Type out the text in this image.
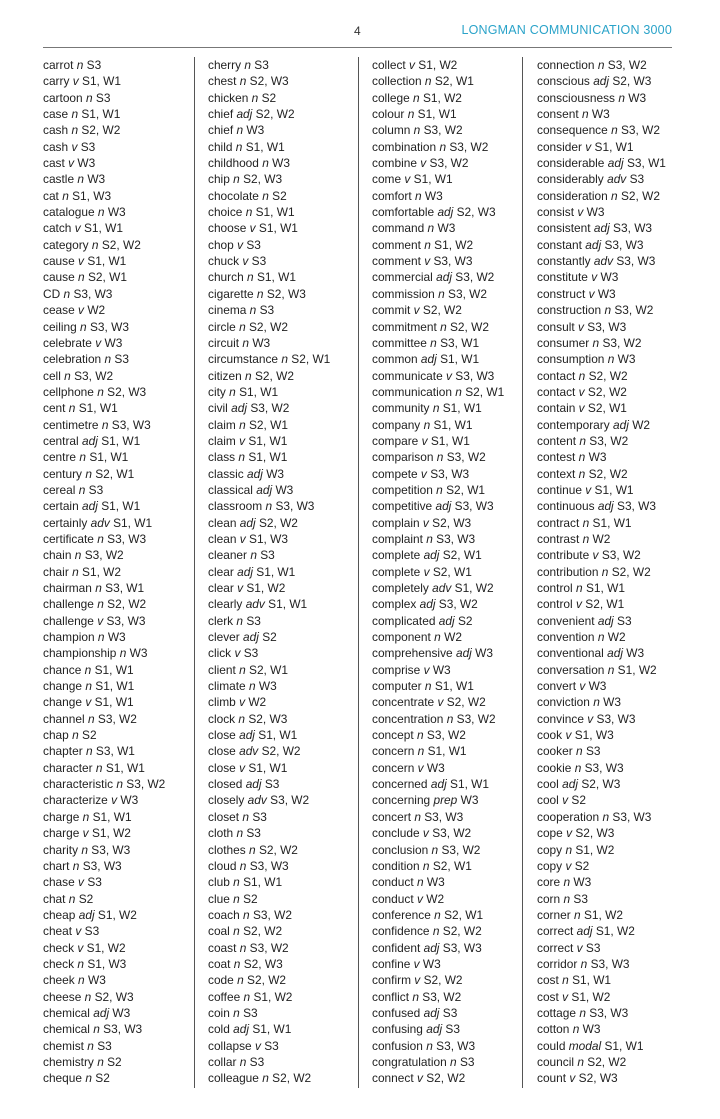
4	LONGMAN COMMUNICATION 3000
carrot n S3
carry v S1, W1
cartoon n S3
case n S1, W1
cash n S2, W2
cash v S3
cast v W3
castle n W3
cat n S1, W3
catalogue n W3
catch v S1, W1
category n S2, W2
cause v S1, W1
cause n S2, W1
CD n S3, W3
cease v W2
ceiling n S3, W3
celebrate v W3
celebration n S3
cell n S3, W2
cellphone n S2, W3
cent n S1, W1
centimetre n S3, W3
central adj S1, W1
centre n S1, W1
century n S2, W1
cereal n S3
certain adj S1, W1
certainly adv S1, W1
certificate n S3, W3
chain n S3, W2
chair n S1, W2
chairman n S3, W1
challenge n S2, W2
challenge v S3, W3
champion n W3
championship n W3
chance n S1, W1
change n S1, W1
change v S1, W1
channel n S3, W2
chap n S2
chapter n S3, W1
character n S1, W1
characteristic n S3, W2
characterize v W3
charge n S1, W1
charge v S1, W2
charity n S3, W3
chart n S3, W3
chase v S3
chat n S2
cheap adj S1, W2
cheat v S3
check v S1, W2
check n S1, W3
cheek n W3
cheese n S2, W3
chemical adj W3
chemical n S3, W3
chemist n S3
chemistry n S2
cheque n S2
cherry n S3
chest n S2, W3
chicken n S2
chief adj S2, W2
chief n W3
child n S1, W1
childhood n W3
chip n S2, W3
chocolate n S2
choice n S1, W1
choose v S1, W1
chop v S3
chuck v S3
church n S1, W1
cigarette n S2, W3
cinema n S3
circle n S2, W2
circuit n W3
circumstance n S2, W1
citizen n S2, W2
city n S1, W1
civil adj S3, W2
claim n S2, W1
claim v S1, W1
class n S1, W1
classic adj W3
classical adj W3
classroom n S3, W3
clean adj S2, W2
clean v S1, W3
cleaner n S3
clear adj S1, W1
clear v S1, W2
clearly adv S1, W1
clerk n S3
clever adj S2
click v S3
client n S2, W1
climate n W3
climb v W2
clock n S2, W3
close adj S1, W1
close adv S2, W2
close v S1, W1
closed adj S3
closely adv S3, W2
closet n S3
cloth n S3
clothes n S2, W2
cloud n S3, W3
club n S1, W1
clue n S2
coach n S3, W2
coal n S2, W2
coast n S3, W2
coat n S2, W3
code n S2, W2
coffee n S1, W2
coin n S3
cold adj S1, W1
collapse v S3
collar n S3
colleague n S2, W2
collect v S1, W2
collection n S2, W1
college n S1, W2
colour n S1, W1
column n S3, W2
combination n S3, W2
combine v S3, W2
come v S1, W1
comfort n W3
comfortable adj S2, W3
command n W3
comment n S1, W2
comment v S3, W3
commercial adj S3, W2
commission n S3, W2
commit v S2, W2
commitment n S2, W2
committee n S3, W1
common adj S1, W1
communicate v S3, W3
communication n S2, W1
community n S1, W1
company n S1, W1
compare v S1, W1
comparison n S3, W2
compete v S3, W3
competition n S2, W1
competitive adj S3, W3
complain v S2, W3
complaint n S3, W3
complete adj S2, W1
complete v S2, W1
completely adv S1, W2
complex adj S3, W2
complicated adj S2
component n W2
comprehensive adj W3
comprise v W3
computer n S1, W1
concentrate v S2, W2
concentration n S3, W2
concept n S3, W2
concern n S1, W1
concern v W3
concerned adj S1, W1
concerning prep W3
concert n S3, W3
conclude v S3, W2
conclusion n S3, W2
condition n S2, W1
conduct n W3
conduct v W2
conference n S2, W1
confidence n S2, W2
confident adj S3, W3
confine v W3
confirm v S2, W2
conflict n S3, W2
confused adj S3
confusing adj S3
confusion n S3, W3
congratulation n S3
connect v S2, W2
connection n S3, W2
conscious adj S2, W3
consciousness n W3
consent n W3
consequence n S3, W2
consider v S1, W1
considerable adj S3, W1
considerably adv S3
consideration n S2, W2
consist v W3
consistent adj S3, W3
constant adj S3, W3
constantly adv S3, W3
constitute v W3
construct v W3
construction n S3, W2
consult v S3, W3
consumer n S3, W2
consumption n W3
contact n S2, W2
contact v S2, W2
contain v S2, W1
contemporary adj W2
content n S3, W2
contest n W3
context n S2, W2
continue v S1, W1
continuous adj S3, W3
contract n S1, W1
contrast n W2
contribute v S3, W2
contribution n S2, W2
control n S1, W1
control v S2, W1
convenient adj S3
convention n W2
conventional adj W3
conversation n S1, W2
convert v W3
conviction n W3
convince v S3, W3
cook v S1, W3
cooker n S3
cookie n S3, W3
cool adj S2, W3
cool v S2
cooperation n S3, W3
cope v S2, W3
copy n S1, W2
copy v S2
core n W3
corn n S3
corner n S1, W2
correct adj S1, W2
correct v S3
corridor n S3, W3
cost n S1, W1
cost v S1, W2
cottage n S3, W3
cotton n W3
could modal S1, W1
council n S2, W2
count v S2, W3
